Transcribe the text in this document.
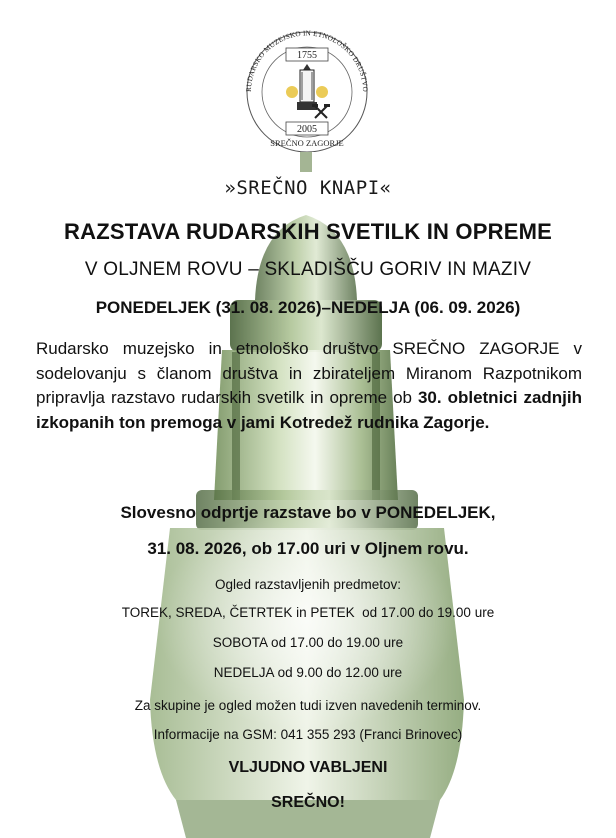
RUDARSKO MUZEJSKO IN ETNOLOŠKO DRUŠTVO
1755
2005
SREČNO ZAGORJE
»SREČNO KNAPI«
RAZSTAVA RUDARSKIH SVETILK IN OPREME
V OLJNEM ROVU – SKLADIŠČU GORIV IN MAZIV
PONEDELJEK (31. 08. 2026)–NEDELJA (06. 09. 2026)
Rudarsko muzejsko in etnološko društvo SREČNO ZAGORJE v sodelovanju s članom društva in zbirateljem Miranom Razpotnikom pripravlja razstavo rudarskih svetilk in opreme ob 30. obletnici zadnjih izkopanih ton premoga v jami Kotredež rudnika Zagorje.
Slovesno odprtje razstave bo v PONEDELJEK,
31. 08. 2026, ob 17.00 uri v Oljnem rovu.
Ogled razstavljenih predmetov:
TOREK, SREDA, ČETRTEK in PETEK  od 17.00 do 19.00 ure
SOBOTA od 17.00 do 19.00 ure
NEDELJA od 9.00 do 12.00 ure
Za skupine je ogled možen tudi izven navedenih terminov.
Informacije na GSM: 041 355 293 (Franci Brinovec)
VLJUDNO VABLJENI
SREČNO!
